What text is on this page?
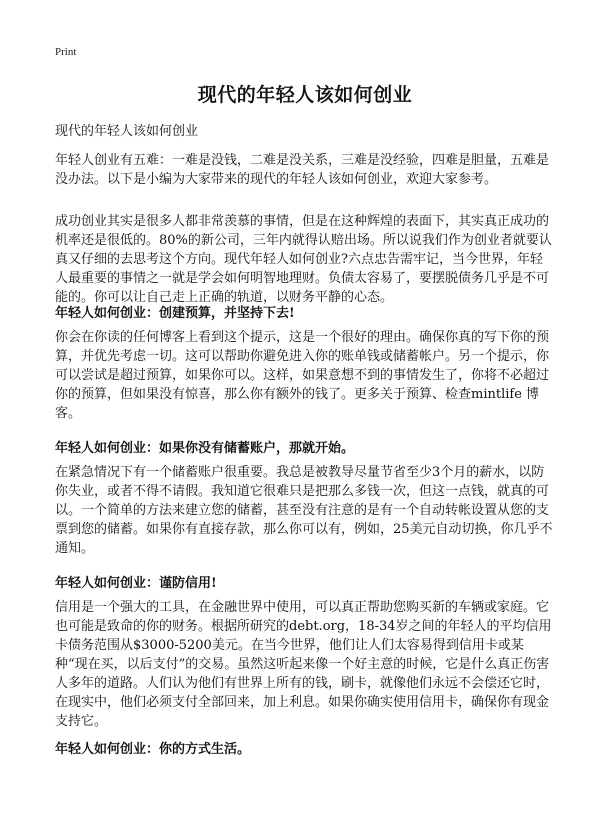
Print
现代的年轻人该如何创业

现代的年轻人该如何创业

年轻人创业有五难：一难是没钱，二难是没关系，三难是没经验，四难是胆量，五难是没办法。以下是小编为大家带来的现代的年轻人该如何创业，欢迎大家参考。

成功创业其实是很多人都非常羡慕的事情，但是在这种辉煌的表面下，其实真正成功的机率还是很低的。80%的新公司，三年内就得认赔出场。所以说我们作为创业者就要认真又仔细的去思考这个方向。现代年轻人如何创业?六点忠告需牢记，当今世界，年轻人最重要的事情之一就是学会如何明智地理财。负债太容易了，要摆脱债务几乎是不可能的。你可以让自己走上正确的轨道，以财务平静的心态。

年轻人如何创业：创建预算，并坚持下去!

你会在你读的任何博客上看到这个提示，这是一个很好的理由。确保你真的写下你的预算，并优先考虑一切。这可以帮助你避免进入你的账单钱或储蓄帐户。另一个提示，你可以尝试是超过预算，如果你可以。这样，如果意想不到的事情发生了，你将不必超过你的预算，但如果没有惊喜，那么你有额外的钱了。更多关于预算、检查mintlife 博客。

年轻人如何创业：如果你没有储蓄账户，那就开始。

在紧急情况下有一个储蓄账户很重要。我总是被教导尽量节省至少3个月的薪水，以防你失业，或者不得不请假。我知道它很难只是把那么多钱一次，但这一点钱，就真的可以。一个简单的方法来建立您的储蓄，甚至没有注意的是有一个自动转帐设置从您的支票到您的储蓄。如果你有直接存款，那么你可以有，例如，25美元自动切换，你几乎不通知。

年轻人如何创业：谨防信用!

信用是一个强大的工具，在金融世界中使用，可以真正帮助您购买新的车辆或家庭。它也可能是致命的你的财务。根据所研究的debt.org，18-34岁之间的年轻人的平均信用卡债务范围从$3000-5200美元。在当今世界，他们让人们太容易得到信用卡或某种“现在买，以后支付”的交易。虽然这听起来像一个好主意的时候，它是什么真正伤害人多年的道路。人们认为他们有世界上所有的钱，刷卡，就像他们永远不会偿还它时，在现实中，他们必须支付全部回来，加上利息。如果你确实使用信用卡，确保你有现金支持它。

年轻人如何创业：你的方式生活。
